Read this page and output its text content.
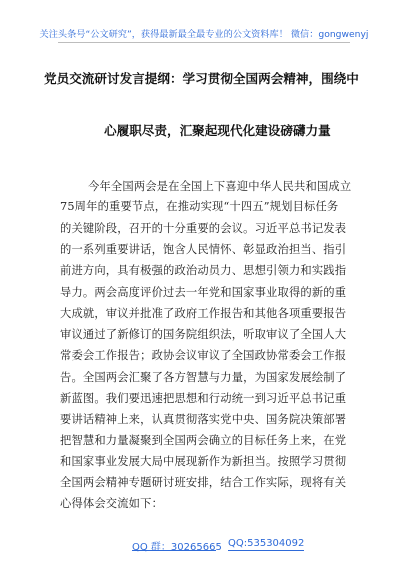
关注头条号“公文研究”，获得最新最全最专业的公文资料库！ 微信：gongwenyj
党员交流研讨发言提纲：学习贯彻全国两会精神，围绕中
心履职尽责，汇聚起现代化建设磅礴力量
今年全国两会是在全国上下喜迎中华人民共和国成立
75周年的重要节点，在推动实现“十四五”规划目标任务
的关键阶段，召开的十分重要的会议。习近平总书记发表
的一系列重要讲话，饱含人民情怀、彰显政治担当、指引
前进方向，具有极强的政治动员力、思想引领力和实践指
导力。两会高度评价过去一年党和国家事业取得的新的重
大成就，审议并批准了政府工作报告和其他各项重要报告
审议通过了新修订的国务院组织法，听取审议了全国人大
常委会工作报告；政协会议审议了全国政协常委会工作报
告。全国两会汇聚了各方智慧与力量，为国家发展绘制了
新蓝图。我们要迅速把思想和行动统一到习近平总书记重
要讲话精神上来，认真贯彻落实党中央、国务院决策部署
把智慧和力量凝聚到全国两会确立的目标任务上来，在党
和国家事业发展大局中展现新作为新担当。按照学习贯彻
全国两会精神专题研讨班安排，结合工作实际，现将有关
心得体会交流如下：
QQ 群：30265665 QQ:535304092
